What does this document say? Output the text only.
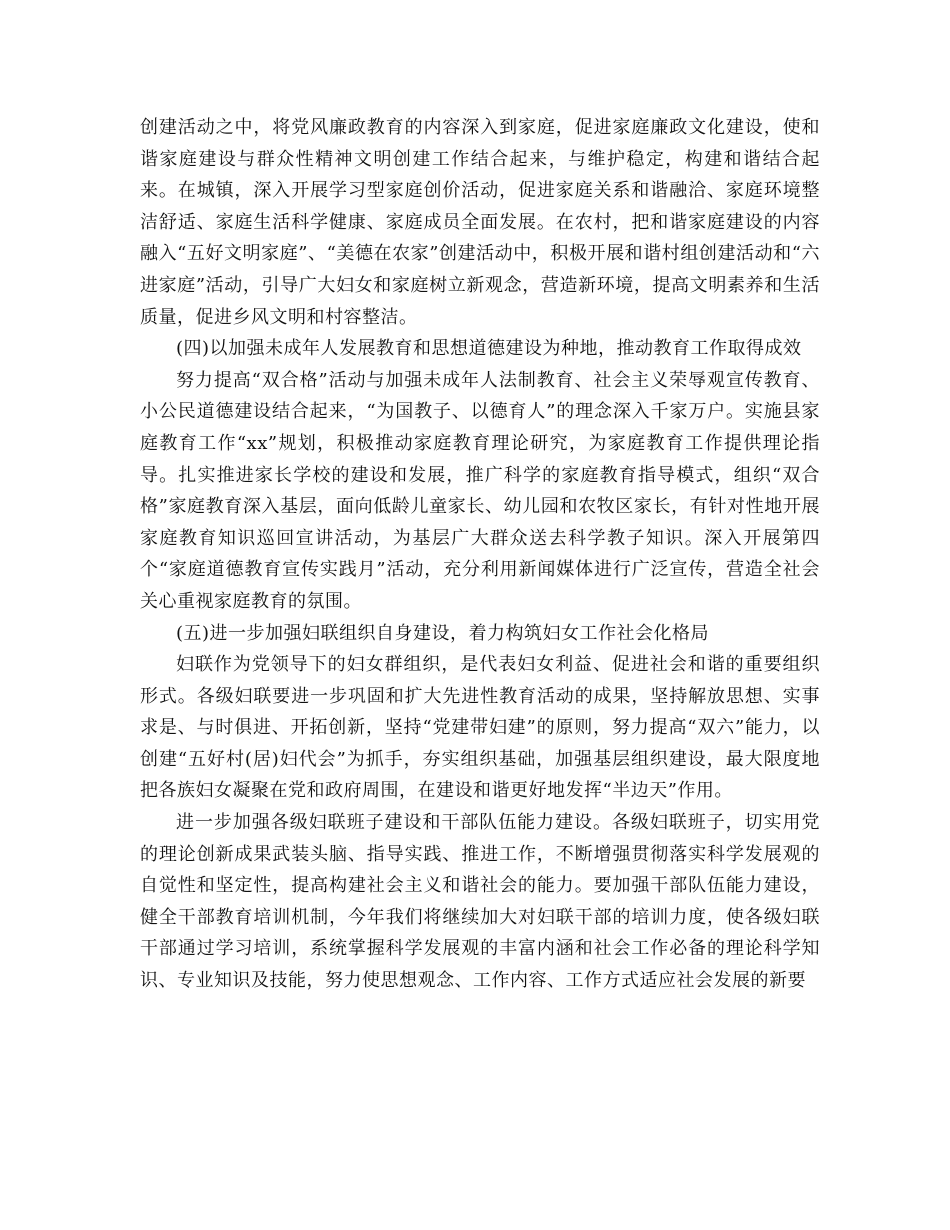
创建活动之中，将党风廉政教育的内容深入到家庭，促进家庭廉政文化建设，使和谐家庭建设与群众性精神文明创建工作结合起来，与维护稳定，构建和谐结合起来。在城镇，深入开展学习型家庭创价活动，促进家庭关系和谐融洽、家庭环境整洁舒适、家庭生活科学健康、家庭成员全面发展。在农村，把和谐家庭建设的内容融入“五好文明家庭”、“美德在农家”创建活动中，积极开展和谐村组创建活动和“六进家庭”活动，引导广大妇女和家庭树立新观念，营造新环境，提高文明素养和生活质量，促进乡风文明和村容整洁。

(四)以加强未成年人发展教育和思想道德建设为种地，推动教育工作取得成效

努力提高“双合格”活动与加强未成年人法制教育、社会主义荣辱观宣传教育、小公民道德建设结合起来，“为国教子、以德育人”的理念深入千家万户。实施县家庭教育工作“xx”规划，积极推动家庭教育理论研究，为家庭教育工作提供理论指导。扎实推进家长学校的建设和发展，推广科学的家庭教育指导模式，组织“双合格”家庭教育深入基层，面向低龄儿童家长、幼儿园和农牧区家长，有针对性地开展家庭教育知识巡回宣讲活动，为基层广大群众送去科学教子知识。深入开展第四个“家庭道德教育宣传实践月”活动，充分利用新闻媒体进行广泛宣传，营造全社会关心重视家庭教育的氛围。

(五)进一步加强妇联组织自身建设，着力构筑妇女工作社会化格局

妇联作为党领导下的妇女群组织，是代表妇女利益、促进社会和谐的重要组织形式。各级妇联要进一步巩固和扩大先进性教育活动的成果，坚持解放思想、实事求是、与时俱进、开拓创新，坚持“党建带妇建”的原则，努力提高“双六”能力，以创建“五好村(居)妇代会”为抓手，夯实组织基础，加强基层组织建设，最大限度地把各族妇女凝聚在党和政府周围，在建设和谐更好地发挥“半边天”作用。

进一步加强各级妇联班子建设和干部队伍能力建设。各级妇联班子，切实用党的理论创新成果武装头脑、指导实践、推进工作，不断增强贯彻落实科学发展观的自觉性和坚定性，提高构建社会主义和谐社会的能力。要加强干部队伍能力建设，健全干部教育培训机制，今年我们将继续加大对妇联干部的培训力度，使各级妇联干部通过学习培训，系统掌握科学发展观的丰富内涵和社会工作必备的理论科学知识、专业知识及技能，努力使思想观念、工作内容、工作方式适应社会发展的新要
